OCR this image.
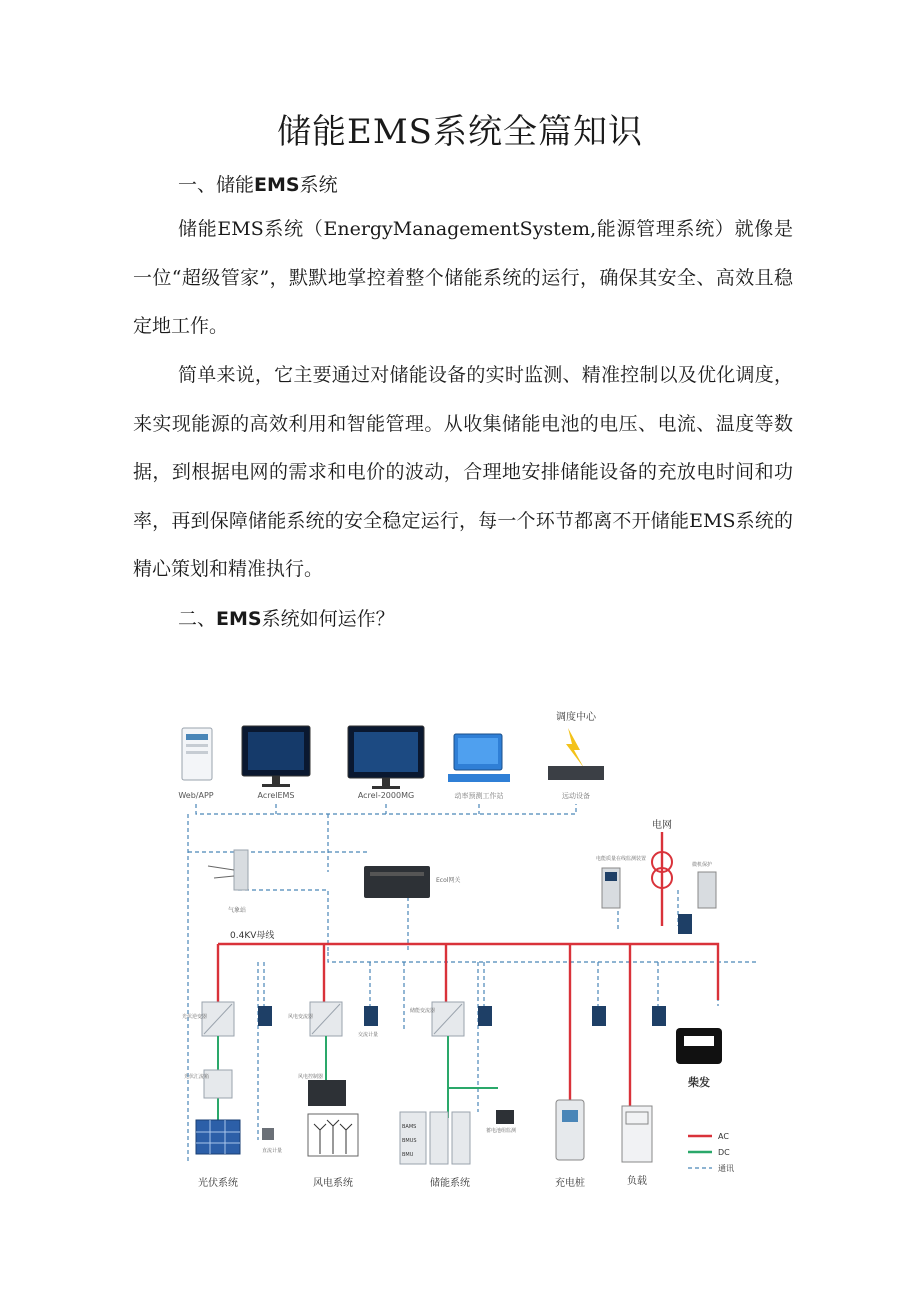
储能EMS系统全篇知识

一、储能EMS系统

储能EMS系统（EnergyManagementSystem,能源管理系统）就像是一位“超级管家”，默默地掌控着整个储能系统的运行，确保其安全、高效且稳定地工作。

简单来说，它主要通过对储能设备的实时监测、精准控制以及优化调度，来实现能源的高效利用和智能管理。从收集储能电池的电压、电流、温度等数据，到根据电网的需求和电价的波动，合理地安排储能设备的充放电时间和功率，再到保障储能系统的安全稳定运行，每一个环节都离不开储能EMS系统的精心策划和精准执行。

二、EMS系统如何运作？

Web/APP	AcrelEMS	Acrel-2000MG	动率预测工作站	远动设备
调度中心
电网
0.4KV母线
气象站
Ecol网关
电能质量在线监测装置
微机保护
光伏逆变器	风电变流器
储能变流器
交流计量
光伏汇流箱	风电控制器
蓄电池组监测
直流计量
BAMS
BMUS
BMU
光伏系统	风电系统	储能系统	充电桩	负载
柴发
AC
DC
通讯
